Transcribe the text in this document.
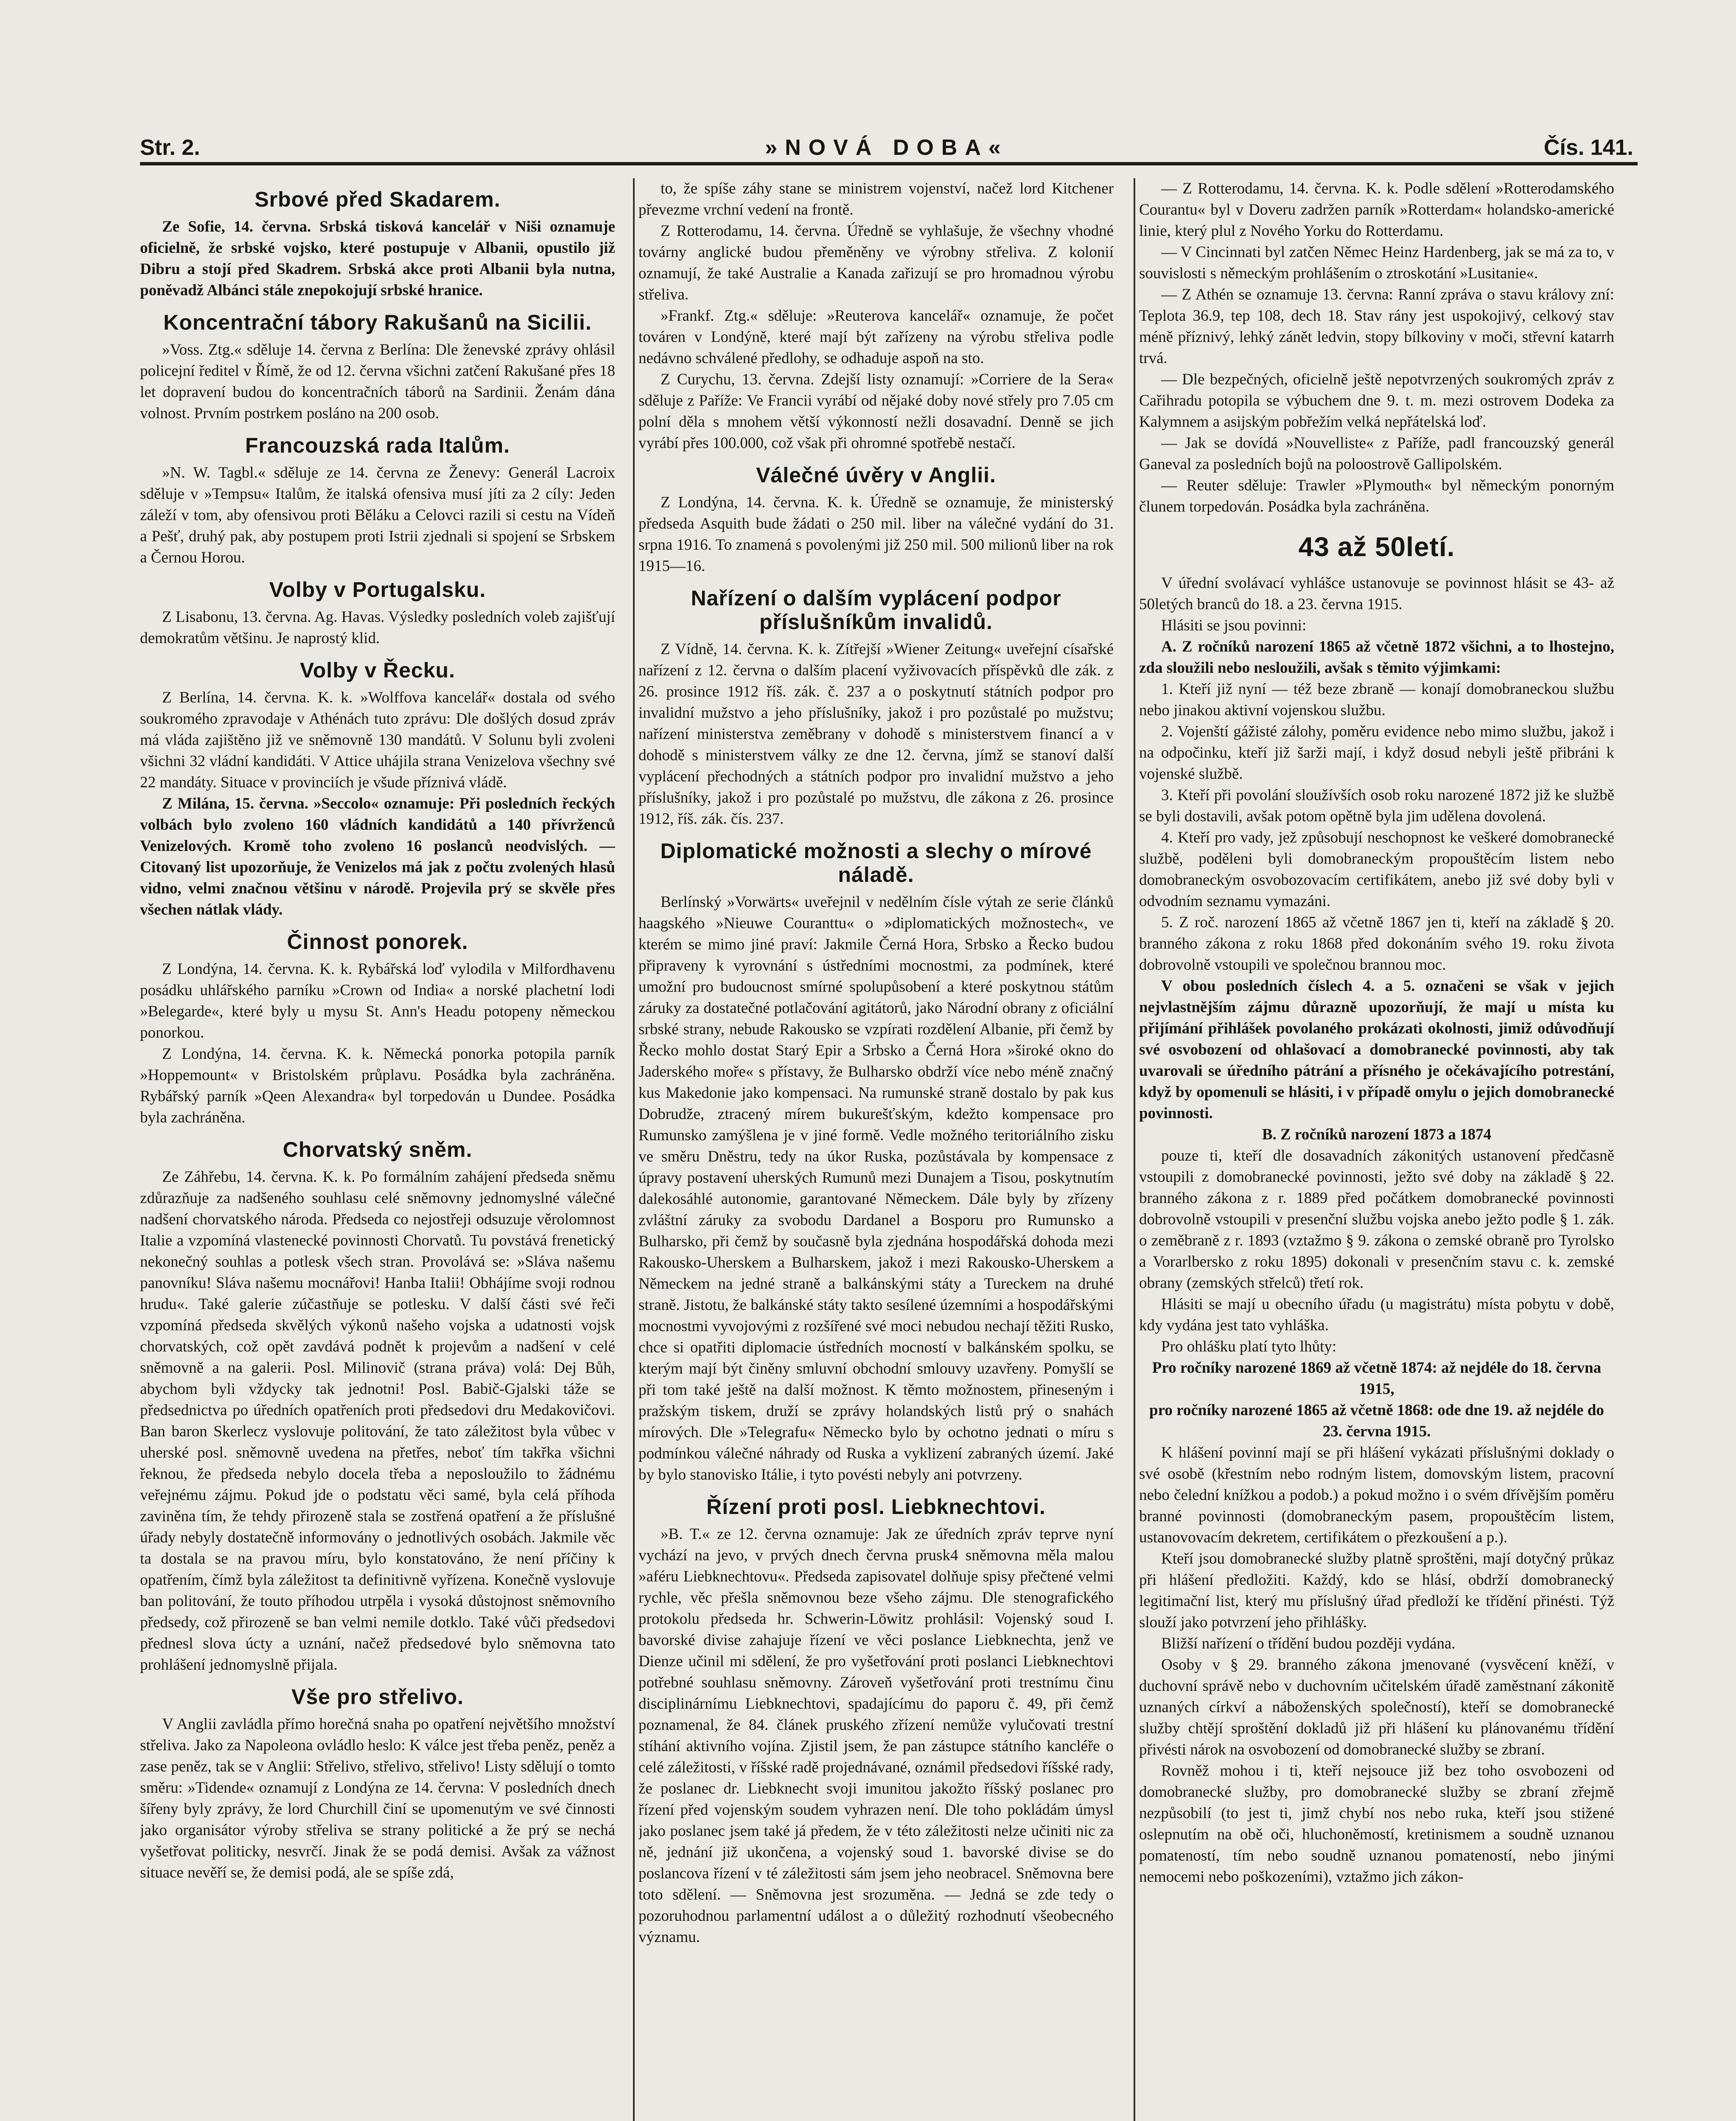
»NOVÁ DOBA«
Str. 2.	Čís. 141.
Srbové před Skadarem.

Ze Sofie, 14. června. Srbská tisková kancelář v Niši oznamuje oficielně, že srbské vojsko, které postupuje v Albanii, opustilo již Dibru a stojí před Skadrem. Srbská akce proti Albanii byla nutna, poněvadž Albánci stále znepokojují srbské hranice.

Koncentrační tábory Rakušanů na Sicilii.

»Voss. Ztg.« sděluje 14. června z Berlína: Dle ženevské zprávy ohlásil policejní ředitel v Římě, že od 12. června všichni zatčení Rakušané přes 18 let dopravení budou do koncentračních táborů na Sardinii. Ženám dána volnost. Prvním postrkem posláno na 200 osob.

Francouzská rada Italům.

»N. W. Tagbl.« sděluje ze 14. června ze Ženevy: Generál Lacroix sděluje v »Tempsu« Italům, že italská ofensiva musí jíti za 2 cíly: Jeden záleží v tom, aby ofensivou proti Běláku a Celovci razili si cestu na Vídeň a Pešť, druhý pak, aby postupem proti Istrii zjednali si spojení se Srbskem a Černou Horou.

Volby v Portugalsku.

Z Lisabonu, 13. června. Ag. Havas. Výsledky posledních voleb zajišťují demokratům většinu. Je naprostý klid.

Volby v Řecku.

Z Berlína, 14. června. K. k. »Wolffova kancelář« dostala od svého soukromého zpravodaje v Athénách tuto zprávu: Dle došlých dosud zpráv má vláda zajištěno již ve sněmovně 130 mandátů. V Solunu byli zvoleni všichni 32 vládní kandidáti. V Attice uhájila strana Venizelova všechny své 22 mandáty. Situace v provinciích je všude příznivá vládě.

Z Milána, 15. června. »Seccolo« oznamuje: Při posledních řeckých volbách bylo zvoleno 160 vládních kandidátů a 140 přívrženců Venizelových. Kromě toho zvoleno 16 poslanců neodvislých. — Citovaný list upozorňuje, že Venizelos má jak z počtu zvolených hlasů vidno, velmi značnou většinu v národě. Projevila prý se skvěle přes všechen nátlak vlády.

Činnost ponorek.

Z Londýna, 14. června. K. k. Rybářská loď vylodila v Milfordhavenu posádku uhlářského parníku »Crown od India« a norské plachetní lodi »Belegarde«, které byly u mysu St. Ann's Headu potopeny německou ponorkou.

Z Londýna, 14. června. K. k. Německá ponorka potopila parník »Hoppemount« v Bristolském průplavu. Posádka byla zachráněna. Rybářský parník »Qeen Alexandra« byl torpedován u Dundee. Posádka byla zachráněna.

Chorvatský sněm.

Ze Záhřebu, 14. června. K. k. Po formálním zahájení předseda sněmu zdůrazňuje za nadšeného souhlasu celé sněmovny jednomyslné válečné nadšení chorvatského národa. Předseda co nejostřeji odsuzuje věrolomnost Italie a vzpomíná vlastenecké povinnosti Chorvatů. Tu povstává frenetický nekonečný souhlas a potlesk všech stran. Provolává se: »Sláva našemu panovníku! Sláva našemu mocnářovi! Hanba Italii! Obhájíme svoji rodnou hrudu«. Také galerie zúčastňuje se potlesku. V další části své řeči vzpomíná předseda skvělých výkonů našeho vojska a udatnosti vojsk chorvatských, což opět zavdává podnět k projevům a nadšení v celé sněmovně a na galerii. Posl. Milinovič (strana práva) volá: Dej Bůh, abychom byli vždycky tak jednotni! Posl. Babič-Gjalski táže se předsednictva po úředních opatřeních proti předsedovi dru Medakovičovi. Ban baron Skerlecz vyslovuje politování, že tato záležitost byla vůbec v uherské posl. sněmovně uvedena na přetřes, neboť tím takřka všichni řeknou, že předseda nebylo docela třeba a neposloužilo to žádnému veřejnému zájmu. Pokud jde o podstatu věci samé, byla celá příhoda zaviněna tím, že tehdy přirozeně stala se zostřená opatření a že příslušné úřady nebyly dostatečně informovány o jednotlivých osobách. Jakmile věc ta dostala se na pravou míru, bylo konstatováno, že není příčiny k opatřením, čímž byla záležitost ta definitivně vyřízena. Konečně vyslovuje ban politování, že touto příhodou utrpěla i vysoká důstojnost sněmovního předsedy, což přirozeně se ban velmi nemile dotklo. Také vůči předsedovi přednesl slova úcty a uznání, načež předsedové bylo sněmovna tato prohlášení jednomyslně přijala.

Vše pro střelivo.

V Anglii zavládla přímo horečná snaha po opatření největšího množství střeliva. Jako za Napoleona ovládlo heslo: K válce jest třeba peněz, peněz a zase peněz, tak se v Anglii: Střelivo, střelivo, střelivo! Listy sdělují o tomto směru: »Tidende« oznamují z Londýna ze 14. června: V posledních dnech šířeny byly zprávy, že lord Churchill činí se upomenutým ve své činnosti jako organisátor výroby střeliva se strany politické a že prý se nechá vyšetřovat politicky, nesvrčí. Jinak že se podá demisi. Avšak za vážnost situace nevěří se, že demisi podá, ale se spíše zdá,

to, že spíše záhy stane se ministrem vojenství, načež lord Kitchener převezme vrchní vedení na frontě.

Z Rotterodamu, 14. června. Úředně se vyhlašuje, že všechny vhodné továrny anglické budou přeměněny ve výrobny střeliva. Z kolonií oznamují, že také Australie a Kanada zařizují se pro hromadnou výrobu střeliva.

»Frankf. Ztg.« sděluje: »Reuterova kancelář« oznamuje, že počet továren v Londýně, které mají být zařízeny na výrobu střeliva podle nedávno schválené předlohy, se odhaduje aspoň na sto.

Z Curychu, 13. června. Zdejší listy oznamují: »Corriere de la Sera« sděluje z Paříže: Ve Francii vyrábí od nějaké doby nové střely pro 7.05 cm polní děla s mnohem větší výkonností nežli dosavadní. Denně se jich vyrábí přes 100.000, což však při ohromné spotřebě nestačí.

Válečné úvěry v Anglii.

Z Londýna, 14. června. K. k. Úředně se oznamuje, že ministerský předseda Asquith bude žádati o 250 mil. liber na válečné vydání do 31. srpna 1916. To znamená s povolenými již 250 mil. 500 milionů liber na rok 1915—16.

Nařízení o dalším vyplácení podpor příslušníkům invalidů.

Z Vídně, 14. června. K. k. Zítřejší »Wiener Zeitung« uveřejní císařské nařízení z 12. června o dalším placení vyživovacích příspěvků dle zák. z 26. prosince 1912 říš. zák. č. 237 a o poskytnutí státních podpor pro invalidní mužstvo a jeho příslušníky, jakož i pro pozůstalé po mužstvu; nařízení ministerstva zeměbrany v dohodě s ministerstvem financí a v dohodě s ministerstvem války ze dne 12. června, jímž se stanoví další vyplácení přechodných a státních podpor pro invalidní mužstvo a jeho příslušníky, jakož i pro pozůstalé po mužstvu, dle zákona z 26. prosince 1912, říš. zák. čís. 237.

Diplomatické možnosti a slechy o mírové náladě.

Berlínský »Vorwärts« uveřejnil v nedělním čísle výtah ze serie článků haagského »Nieuwe Couranttu« o »diplomatických možnostech«, ve kterém se mimo jiné praví: Jakmile Černá Hora, Srbsko a Řecko budou připraveny k vyrovnání s ústředními mocnostmi, za podmínek, které umožní pro budoucnost smírné spolupůsobení a které poskytnou státům záruky za dostatečné potlačování agitátorů, jako Národní obrany z oficiální srbské strany, nebude Rakousko se vzpírati rozdělení Albanie, při čemž by Řecko mohlo dostat Starý Epir a Srbsko a Černá Hora »široké okno do Jaderského moře« s přístavy, že Bulharsko obdrží více nebo méně značný kus Makedonie jako kompensaci. Na rumunské straně dostalo by pak kus Dobrudže, ztracený mírem bukurešťským, kdežto kompensace pro Rumunsko zamýšlena je v jiné formě. Vedle možného teritoriálního zisku ve směru Dněstru, tedy na úkor Ruska, pozůstávala by kompensace z úpravy postavení uherských Rumunů mezi Dunajem a Tisou, poskytnutím dalekosáhlé autonomie, garantované Německem. Dále byly by zřízeny zvláštní záruky za svobodu Dardanel a Bosporu pro Rumunsko a Bulharsko, při čemž by současně byla zjednána hospodářská dohoda mezi Rakousko-Uherskem a Bulharskem, jakož i mezi Rakousko-Uherskem a Německem na jedné straně a balkánskými státy a Tureckem na druhé straně. Jistotu, že balkánské státy takto sesílené územními a hospodářskými mocnostmi vyvojovými z rozšířené své moci nebudou nechají těžiti Rusko, chce si opatřiti diplomacie ústředních mocností v balkánském spolku, se kterým mají být činěny smluvní obchodní smlouvy uzavřeny. Pomyšlí se při tom také ještě na další možnost. K těmto možnostem, přineseným i pražským tiskem, druží se zprávy holandských listů prý o snahách mírových. Dle »Telegrafu« Německo bylo by ochotno jednati o míru s podmínkou válečné náhrady od Ruska a vyklizení zabraných území. Jaké by bylo stanovisko Itálie, i tyto povésti nebyly ani potvrzeny.

Řízení proti posl. Liebknechtovi.

»B. T.« ze 12. června oznamuje: Jak ze úředních zpráv teprve nyní vychází na jevo, v prvých dnech června prusk4 sněmovna měla malou »aféru Liebknechtovu«. Předseda zapisovatel dolňuje spisy přečtené velmi rychle, věc přešla sněmovnou beze všeho zájmu. Dle stenografického protokolu předseda hr. Schwerin-Löwitz prohlásil: Vojenský soud I. bavorské divise zahajuje řízení ve věci poslance Liebknechta, jenž ve Dienze učinil mi sdělení, že pro vyšetřování proti poslanci Liebknechtovi potřebné souhlasu sněmovny. Zároveň vyšetřování proti trestnímu činu disciplinárnímu Liebknechtovi, spadajícímu do paporu č. 49, při čemž poznamenal, že 84. článek pruského zřízení nemůže vylučovati trestní stíhání aktivního vojína. Zjistil jsem, že pan zástupce státního kancléře o celé záležitosti, v říšské radě projednávané, oznámil předsedovi říšské rady, že poslanec dr. Liebknecht svoji imunitou jakožto říšský poslanec pro řízení před vojenským soudem vyhrazen není. Dle toho pokládám úmysl jako poslanec jsem také já předem, že v této záležitosti nelze učiniti nic za ně, jednání již ukončena, a vojenský soud 1. bavorské divise se do poslancova řízení v té záležitosti sám jsem jeho neobracel. Sněmovna bere toto sdělení. — Sněmovna jest srozuměna. — Jedná se zde tedy o pozoruhodnou parlamentní událost a o důležitý rozhodnutí všeobecného významu.

— Z Rotterodamu, 14. června. K. k. Podle sdělení »Rotterodamského Courantu« byl v Doveru zadržen parník »Rotterdam« holandsko-americké linie, který plul z Nového Yorku do Rotterdamu.

— V Cincinnati byl zatčen Němec Heinz Hardenberg, jak se má za to, v souvislosti s německým prohlášením o ztroskotání »Lusitanie«.

— Z Athén se oznamuje 13. června: Ranní zpráva o stavu královy zní: Teplota 36.9, tep 108, dech 18. Stav rány jest uspokojivý, celkový stav méně příznivý, lehký zánět ledvin, stopy bílkoviny v moči, střevní katarrh trvá.

— Dle bezpečných, oficielně ještě nepotvrzených soukromých zpráv z Cařihradu potopila se výbuchem dne 9. t. m. mezi ostrovem Dodeka za Kalymnem a asijským pobřežím velká nepřátelská loď.

— Jak se dovídá »Nouvelliste« z Paříže, padl francouzský generál Ganeval za posledních bojů na poloostrově Gallipolském.

— Reuter sděluje: Trawler »Plymouth« byl německým ponorným člunem torpedován. Posádka byla zachráněna.

43 až 50letí.

V úřední svolávací vyhlášce ustanovuje se povinnost hlásit se 43- až 50letých branců do 18. a 23. června 1915.

Hlásiti se jsou povinni:

A. Z ročníků narození 1865 až včetně 1872 všichni, a to lhostejno, zda sloužili nebo nesloužili, avšak s těmito výjimkami:

1. Kteří již nyní — též beze zbraně — konají domobraneckou službu nebo jinakou aktivní vojenskou službu.

2. Vojenští gážisté zálohy, poměru evidence nebo mimo službu, jakož i na odpočinku, kteří již šarži mají, i když dosud nebyli ještě přibráni k vojenské službě.

3. Kteří při povolání sloužívších osob roku narozené 1872 již ke službě se byli dostavili, avšak potom opětně byla jim udělena dovolená.

4. Kteří pro vady, jež způsobují neschopnost ke veškeré domobranecké službě, poděleni byli domobraneckým propouštěcím listem nebo domobraneckým osvobozovacím certifikátem, anebo již své doby byli v odvodním seznamu vymazáni.

5. Z roč. narození 1865 až včetně 1867 jen ti, kteří na základě § 20. branného zákona z roku 1868 před dokonáním svého 19. roku života dobrovolně vstoupili ve společnou brannou moc.

V obou posledních číslech 4. a 5. označeni se však v jejich nejvlastnějším zájmu důrazně upozorňují, že mají u místa ku přijímání přihlášek povolaného prokázati okolnosti, jimiž odůvodňují své osvobození od ohlašovací a domobranecké povinnosti, aby tak uvarovali se úředního pátrání a přísného je očekávajícího potrestání, když by opomenuli se hlásiti, i v případě omylu o jejich domobranecké povinnosti.

B. Z ročníků narození 1873 a 1874

pouze ti, kteří dle dosavadních zákonitých ustanovení předčasně vstoupili z domobranecké povinnosti, ježto své doby na základě § 22. branného zákona z r. 1889 před počátkem domobranecké povinnosti dobrovolně vstoupili v presenční službu vojska anebo ježto podle § 1. zák. o zeměbraně z r. 1893 (vztažmo § 9. zákona o zemské obraně pro Tyrolsko a Vorarlbersko z roku 1895) dokonali v presenčním stavu c. k. zemské obrany (zemských střelců) třetí rok.

Hlásiti se mají u obecního úřadu (u magistrátu) místa pobytu v době, kdy vydána jest tato vyhláška.

Pro ohlášku platí tyto lhůty:

Pro ročníky narozené 1869 až včetně 1874: až nejdéle do 18. června 1915,

pro ročníky narozené 1865 až včetně 1868: ode dne 19. až nejdéle do 23. června 1915.

K hlášení povinní mají se při hlášení vykázati příslušnými doklady o své osobě (křestním nebo rodným listem, domovským listem, pracovní nebo čelední knížkou a podob.) a pokud možno i o svém dřívějším poměru branné povinnosti (domobraneckým pasem, propouštěcím listem, ustanovovacím dekretem, certifikátem o přezkoušení a p.).

Kteří jsou domobranecké služby platně sproštěni, mají dotyčný průkaz při hlášení předložiti. Každý, kdo se hlásí, obdrží domobranecký legitimační list, který mu příslušný úřad předloží ke třídění přinésti. Týž slouží jako potvrzení jeho přihlášky.

Bližší nařízení o třídění budou později vydána.

Osoby v § 29. branného zákona jmenované (vysvěcení kněží, v duchovní správě nebo v duchovním učitelském úřadě zaměstnaní zákonitě uznaných církví a náboženských společností), kteří se domobranecké služby chtějí sproštění dokladů již při hlášení ku plánovanému třídění přivésti nárok na osvobození od domobranecké služby se zbraní.

Rovněž mohou i ti, kteří nejsouce již bez toho osvobozeni od domobranecké služby, pro domobranecké služby se zbraní zřejmě nezpůsobilí (to jest ti, jimž chybí nos nebo ruka, kteří jsou stižené oslepnutím na obě oči, hluchoněmostí, kretinismem a soudně uznanou pomateností, tím nebo soudně uznanou pomateností, nebo jinými nemocemi nebo poškozeními), vztažmo jich zákon-
